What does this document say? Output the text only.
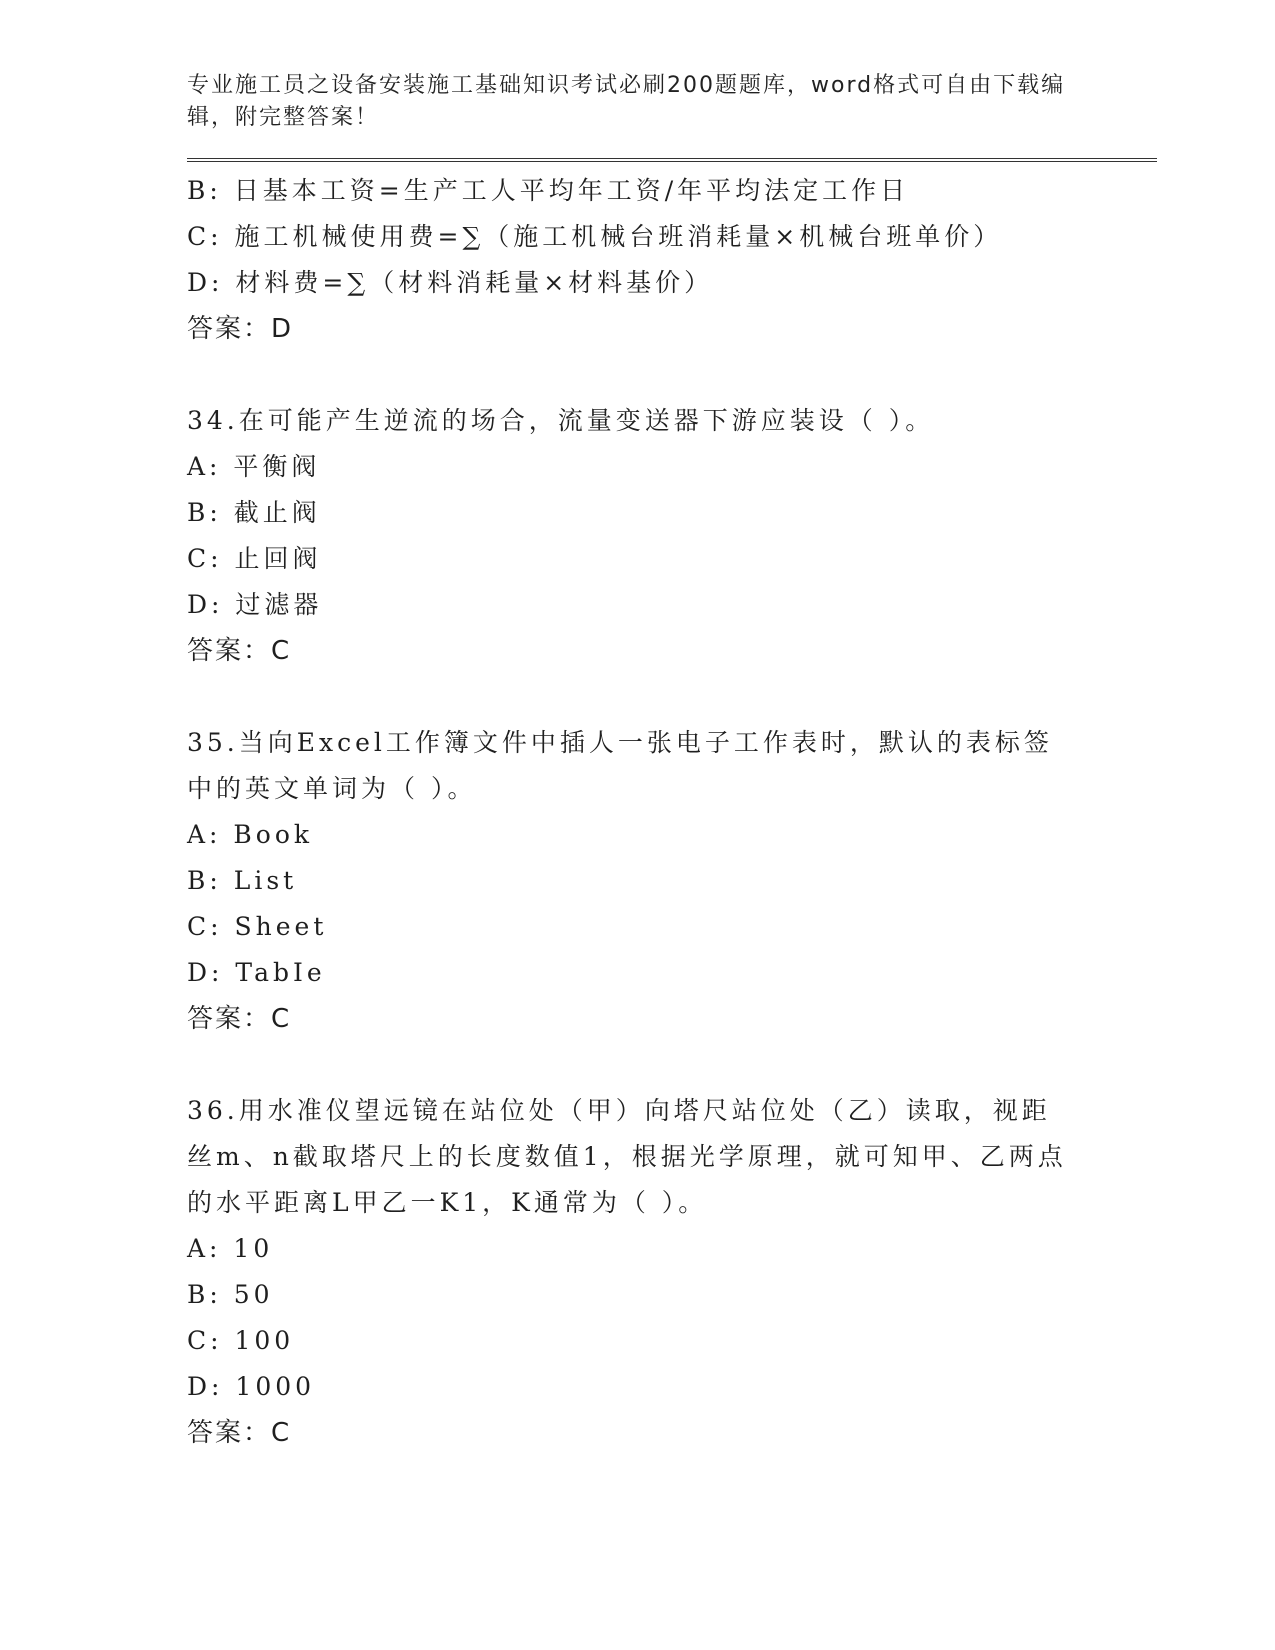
专业施工员之设备安装施工基础知识考试必刷200题题库，word格式可自由下载编辑，附完整答案！
B: 日基本工资=生产工人平均年工资/年平均法定工作日
C: 施工机械使用费=∑（施工机械台班消耗量×机械台班单价）
D: 材料费=∑（材料消耗量×材料基价）
答案：D
34.在可能产生逆流的场合，流量变送器下游应装设（ ）。
A: 平衡阀
B: 截止阀
C: 止回阀
D: 过滤器
答案：C
35.当向Excel工作簿文件中插人一张电子工作表时，默认的表标签中的英文单词为（ ）。
A: Book
B: List
C: Sheet
D: TabIe
答案：C
36.用水准仪望远镜在站位处（甲）向塔尺站位处（乙）读取，视距丝m、n截取塔尺上的长度数值1，根据光学原理，就可知甲、乙两点的水平距离L甲乙一K1，K通常为（ ）。
A: 10
B: 50
C: 100
D: 1000
答案：C
